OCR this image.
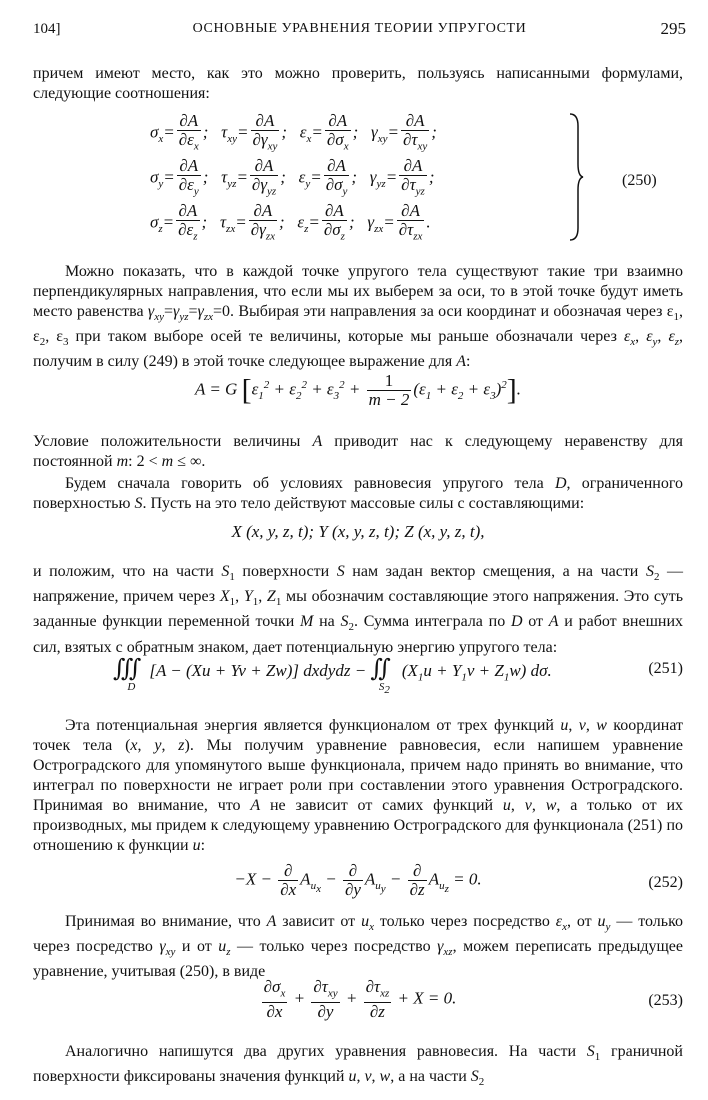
104]	ОСНОВНЫЕ УРАВНЕНИЯ ТЕОРИИ УПРУГОСТИ	295
причем имеют место, как это можно проверить, пользуясь написанными формулами, следующие соотношения:
$\sigma_x= \frac{\partial A}{\partial\varepsilon_x}$ ;   $\tau_{xy}= \frac{\partial A}{\partial\gamma_{xy}}$ ;   $\varepsilon_x= \frac{\partial A}{\partial\sigma_x}$ ;   $\gamma_{xy}= \frac{\partial A}{\partial\tau_{xy}}$ ;
$\sigma_y= \frac{\partial A}{\partial\varepsilon_y}$ ;   $\tau_{yz}= \frac{\partial A}{\partial\gamma_{yz}}$ ;   $\varepsilon_y= \frac{\partial A}{\partial\sigma_y}$ ;   $\gamma_{yz}= \frac{\partial A}{\partial\tau_{yz}}$ ;
$\sigma_z= \frac{\partial A}{\partial\varepsilon_z}$ ;   $\tau_{zx}= \frac{\partial A}{\partial\gamma_{zx}}$ ;   $\varepsilon_z= \frac{\partial A}{\partial\sigma_z}$ ;   $\gamma_{zx}= \frac{\partial A}{\partial\tau_{zx}}$ .
(250)
Можно показать, что в каждой точке упругого тела существуют такие три взаимно перпендикулярных направления, что если мы их выберем за оси, то в этой точке будут иметь место равенства $\gamma_{xy}=\gamma_{yz}=\gamma_{zx}=0$. Выбирая эти направления за оси координат и обозначая через $\varepsilon_1$, $\varepsilon_2$, $\varepsilon_3$ при таком выборе осей те величины, которые мы раньше обозначали через $\varepsilon_x$, $\varepsilon_y$, $\varepsilon_z$, получим в силу (249) в этой точке следующее выражение для A:
A = G $[\varepsilon_1^2 + \varepsilon_2^2 + \varepsilon_3^2 + \frac{1}{m - 2} (\varepsilon_1 + \varepsilon_2 + \varepsilon_3)^2]$.
Условие положительности величины A приводит нас к следующему неравенству для постоянной m: 2 < m ≤ ∞.
Будем сначала говорить об условиях равновесия упругого тела D, ограниченного поверхностью S. Пусть на это тело действуют массовые силы с составляющими:
X (x, y, z, t); Y (x, y, z, t); Z (x, y, z, t),
и положим, что на части $S_1$ поверхности S нам задан вектор смещения, а на части $S_2$ — напряжение, причем через $X_1$, $Y_1$, $Z_1$ мы обозначим составляющие этого напряжения. Это суть заданные функции переменной точки M на $S_2$. Сумма интеграла по D от A и работ внешних сил, взятых с обратным знаком, дает потенциальную энергию упругого тела:
$∭_D[A - (Xu + Yv + Zw)]$ dxdydz − $∬_{S_2}(X_1u + Y_1v + Z_1w)$ dσ.	(251)
Эта потенциальная энергия является функционалом от трех функций u, v, w координат точек тела (x, y, z). Мы получим уравнение равновесия, если напишем уравнение Остроградского для упомянутого выше функционала, причем надо принять во внимание, что интеграл по поверхности не играет роли при составлении этого уравнения Остроградского. Принимая во внимание, что A не зависит от самих функций u, v, w, а только от их производных, мы придем к следующему уравнению Остроградского для функционала (251) по отношению к функции u:
$-X - \frac{\partial}{\partial x} A_{u_x} - \frac{\partial}{\partial y} A_{u_y} - \frac{\partial}{\partial z} A_{u_z} = 0$.	(252)
Принимая во внимание, что A зависит от $u_x$ только через посредство $\varepsilon_x$, от $u_y$ — только через посредство $\gamma_{xy}$ и от $u_z$ — только через посредство $\gamma_{xz}$, можем переписать предыдущее уравнение, учитывая (250), в виде
$\frac{\partial\sigma_x}{\partial x} + \frac{\partial\tau_{xy}}{\partial y} + \frac{\partial\tau_{xz}}{\partial z} + X = 0$.	(253)
Аналогично напишутся два других уравнения равновесия. На части $S_1$ граничной поверхности фиксированы значения функций u, v, w, а на части $S_2$
